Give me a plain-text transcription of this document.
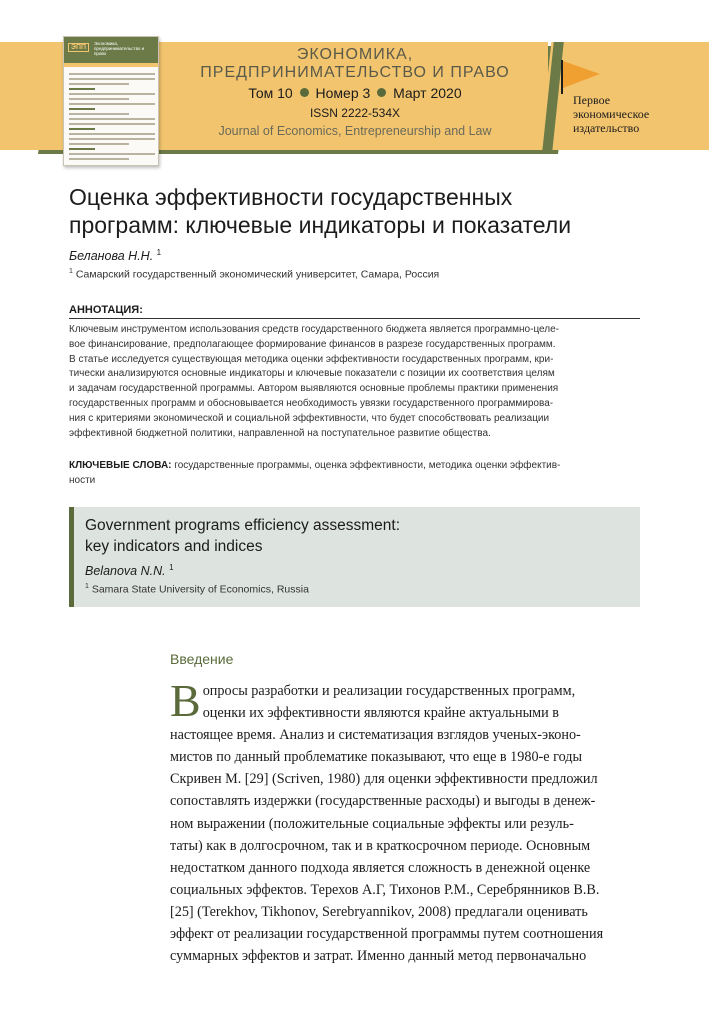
ЭПП
Экономика, предпринимательство и право	ЭКОНОМИКА,
ПРЕДПРИНИМАТЕЛЬСТВО И ПРАВО
Том 10 Номер 3 Март 2020
ISSN 2222-534X
Journal of Economics, Entrepreneurship and Law
Первое
экономическое
издательство
Оценка эффективности государственных
программ: ключевые индикаторы и показатели
Беланова Н.Н. $^1$
$^1$ Самарский государственный экономический университет, Самара, Россия
АННОТАЦИЯ:
Ключевым инструментом использования средств государственного бюджета является программно-целе-
вое финансирование, предполагающее формирование финансов в разрезе государственных программ.
В статье исследуется существующая методика оценки эффективности государственных программ, кри-
тически анализируются основные индикаторы и ключевые показатели с позиции их соответствия целям
и задачам государственной программы. Автором выявляются основные проблемы практики применения
государственных программ и обосновывается необходимость увязки государственного программирова-
ния с критериями экономической и социальной эффективности, что будет способствовать реализации
эффективной бюджетной политики, направленной на поступательное развитие общества.
КЛЮЧЕВЫЕ СЛОВА: государственные программы, оценка эффективности, методика оценки эффектив-
ности
Government programs efficiency assessment:
key indicators and indices
Belanova N.N. $^1$
$^1$ Samara State University of Economics, Russia
Введение
В опросы разработки и реализации государственных программ,
оценки их эффективности являются крайне актуальными в
настоящее время. Анализ и систематизация взглядов ученых-эконо-
мистов по данный проблематике показывают, что еще в 1980-е годы
Скривен М. [29] (Scriven, 1980) для оценки эффективности предложил
сопоставлять издержки (государственные расходы) и выгоды в денеж-
ном выражении (положительные социальные эффекты или резуль-
таты) как в долгосрочном, так и в краткосрочном периоде. Основным
недостатком данного подхода является сложность в денежной оценке
социальных эффектов. Терехов А.Г, Тихонов Р.М., Серебрянников В.В.
[25] (Terekhov, Tikhonov, Serebryannikov, 2008) предлагали оценивать
эффект от реализации государственной программы путем соотношения
суммарных эффектов и затрат. Именно данный метод первоначально
